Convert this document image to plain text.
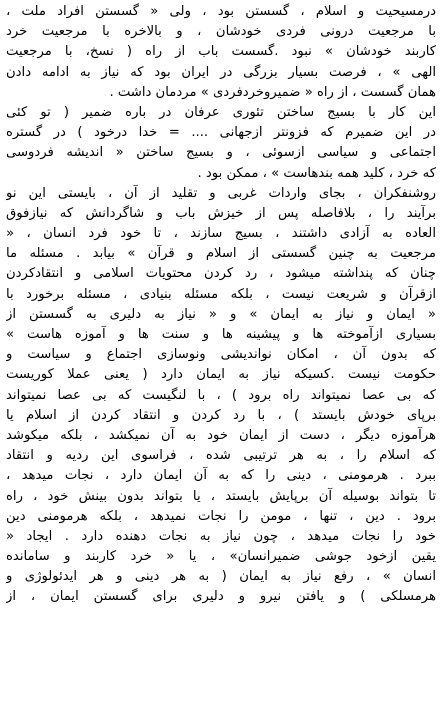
درمسیحیت و اسلام ، گسستن بود ، ولی « گسستن افراد ملت ،
با مرجعیت درونی فردی خودشان ، و بالاخره با مرجعیت خرد
کاربند خودشان » نبود .گسست باب از راه ( نسخ، با مرجعیت
الهی » ، فرصت بسیار بزرگی در ایران بود که نیاز به ادامه دادن
همان گسست ، از راه « ضمیروخردفردی » مردمان داشت .
این کار با بسیج ساختن تئوری عرفان در باره ضمیر ( تو کئی
در این ضمیرم که فزونتر ازجهانی .... = خدا درخود ) در گستره
اجتماعی و سیاسی ازسوئی ، و بسیج ساختن « اندیشه فردوسی
که خرد ، کلید همه بندهاست » ، ممکن بود .
روشنفکران ، بجای واردات غربی و تقلید از آن ، بایستی این نو
برآیند را ، بلافاصله پس از خیزش باب و شاگردانش که نیازفوق
العاده به آزادی داشتند ، بسیج سازند ، تا خود فرد انسان ، «
مرجعیت به چنین گسستی از اسلام و قرآن » بیابد . مسئله ما
چنان که پنداشته میشود ، رد کردن محتویات اسلامی و انتقادکردن
ازقرآن و شریعت نیست ، بلکه مسئله بنیادی ، مسئله برخورد با
« ایمان و نیاز به ایمان » و « نیاز به دلیری به گسستن از
بسیاری ازآموخته ها و پیشینه ها و سنت ها و آموزه هاست »
که بدون آن ، امکان نواندیشی ونوسازی اجتماع و سیاست و
حکومت نیست .کسیکه نیاز به ایمان دارد ( یعنی عملا کوریست
که بی عصا نمیتواند راه برود ) ، با لنگیست که بی عصا نمیتواند
برپای خودش بایستد ) ، با رد کردن و انتقاد کردن از اسلام یا
هرآموزه دیگر ، دست از ایمان خود به آن نمیکشد ، بلکه میکوشد
که اسلام را ، به هر ترتیبی شده ، فراسوی این ردیه و انتقاد
ببرد . هرمومنی ، دینی را که به آن ایمان دارد ، نجات میدهد ،
تا بتواند بوسیله آن برپایش بایستد ، یا بتواند بدون بینش خود ، راه
برود . دین ، تنها ، مومن را نجات نمیدهد ، بلکه هرمومنی دین
خود را نجات میدهد ، چون نیاز به نجات دهنده دارد . ایجاد «
یقین ازخود جوشی ضمیرانسان» ، یا « خرد کاربند و سامانده
انسان » ، رفع نیاز به ایمان ( به هر دینی و هر ایدئولوژی و
هرمسلکی ) و یافتن نیرو و دلیری برای گسستن ایمان ، از
